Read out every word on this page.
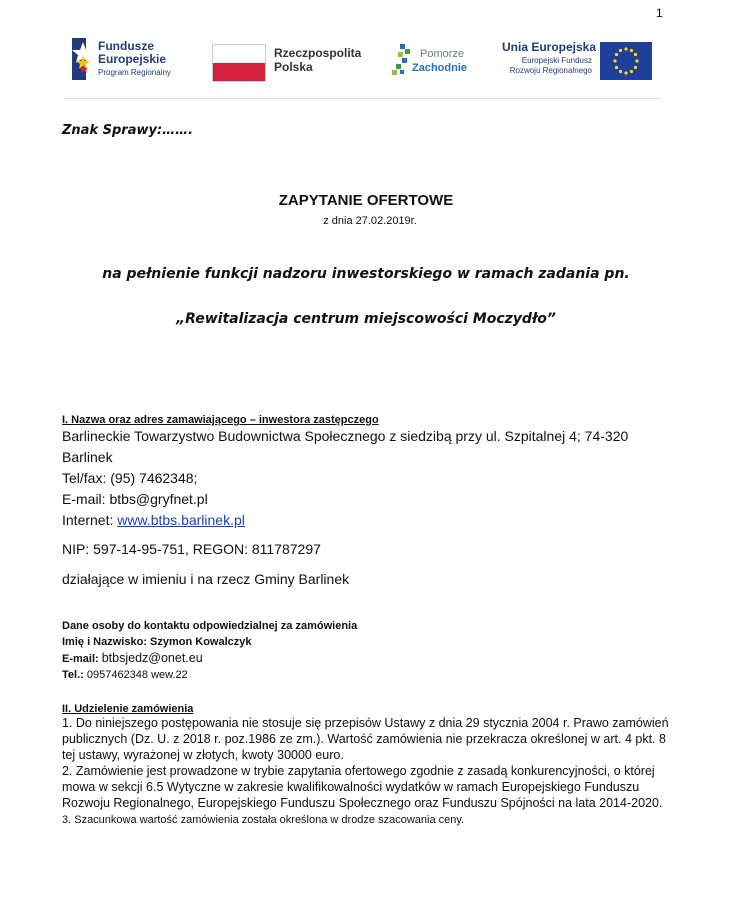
1
Fundusze
Europejskie
Program Regionalny
Rzeczpospolita
Polska
Pomorze
Zachodnie
Unia Europejska
Europejski Fundusz
Rozwoju Regionalnego
Znak Sprawy:…….
ZAPYTANIE OFERTOWE
z dnia 27.02.2019r.
na pełnienie funkcji nadzoru inwestorskiego w ramach zadania pn.
„Rewitalizacja centrum miejscowości Moczydło”
I. Nazwa oraz adres zamawiającego – inwestora zastępczego
Barlineckie Towarzystwo Budownictwa Społecznego z siedzibą przy ul. Szpitalnej 4; 74-320 Barlinek
Tel/fax: (95) 7462348;
E-mail: btbs@gryfnet.pl
Internet: www.btbs.barlinek.pl
NIP: 597-14-95-751, REGON: 811787297
działające w imieniu i na rzecz Gminy Barlinek
Dane osoby do kontaktu odpowiedzialnej za zamówienia
Imię i Nazwisko: Szymon Kowalczyk
E-mail: btbsjedz@onet.eu
Tel.: 0957462348 wew.22
II. Udzielenie zamówienia
1. Do niniejszego postępowania nie stosuje się przepisów Ustawy z dnia 29 stycznia 2004 r. Prawo zamówień publicznych (Dz. U. z 2018 r. poz.1986 ze zm.). Wartość zamówienia nie przekracza określonej w art. 4 pkt. 8 tej ustawy, wyrażonej w złotych, kwoty 30000 euro.
2. Zamówienie jest prowadzone w trybie zapytania ofertowego zgodnie z zasadą konkurencyjności, o której mowa w sekcji 6.5 Wytyczne w zakresie kwalifikowalności wydatków w ramach Europejskiego Funduszu Rozwoju Regionalnego, Europejskiego Funduszu Społecznego oraz Funduszu Spójności na lata 2014-2020.
3. Szacunkowa wartość zamówienia została określona w drodze szacowania ceny.
